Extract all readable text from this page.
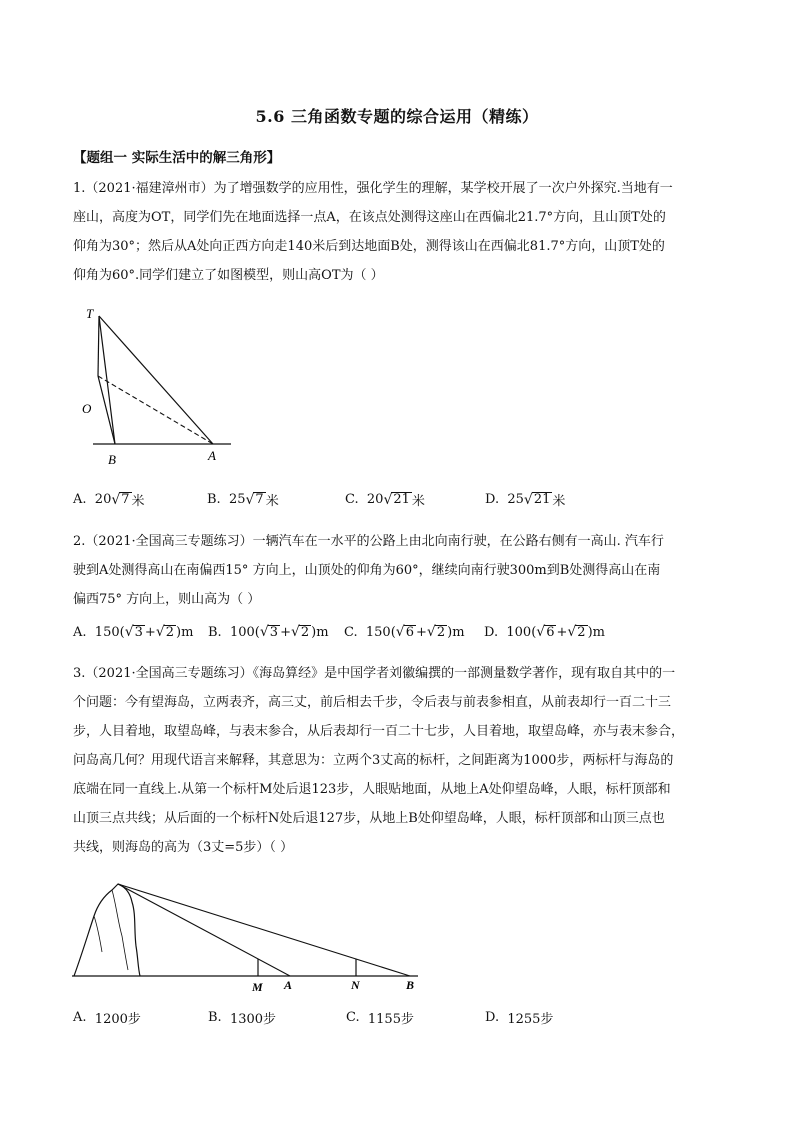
5.6 三角函数专题的综合运用（精练）
【题组一 实际生活中的解三角形】
1.（2021·福建漳州市）为了增强数学的应用性，强化学生的理解，某学校开展了一次户外探究.当地有一
座山，高度为OT，同学们先在地面选择一点A，在该点处测得这座山在西偏北21.7°方向，且山顶T处的
仰角为30°；然后从A处向正西方向走140米后到达地面B处，测得该山在西偏北81.7°方向，山顶T处的
仰角为60°.同学们建立了如图模型，则山高OT为（ ）
T
O
B	A
A.
20 √ 7 米	B.
25 √ 7 米	C.
20 √ 21 米	D.
25 √ 21 米
2.（2021·全国高三专题练习）一辆汽车在一水平的公路上由北向南行驶，在公路右侧有一高山. 汽车行
驶到A处测得高山在南偏西15° 方向上，山顶处的仰角为60°，继续向南行驶300m到B处测得高山在南
偏西75° 方向上，则山高为（ ）
A.
150 ( √ 3 + √ 2 ) m B.
100 ( √ 3 + √ 2 ) m C.
150 ( √ 6 + √ 2 ) m D.
100 ( √ 6 + √ 2 ) m
3.（2021·全国高三专题练习）《海岛算经》是中国学者刘徽编撰的一部测量数学著作，现有取自其中的一
个问题：今有望海岛，立两表齐，高三丈，前后相去千步，令后表与前表参相直，从前表却行一百二十三
步，人目着地，取望岛峰，与表末参合，从后表却行一百二十七步，人目着地，取望岛峰，亦与表末参合，
问岛高几何？用现代语言来解释，其意思为：立两个3丈高的标杆，之间距离为1000步，两标杆与海岛的
底端在同一直线上.从第一个标杆M处后退123步，人眼贴地面，从地上A处仰望岛峰，人眼，标杆顶部和
山顶三点共线；从后面的一个标杆N处后退127步，从地上B处仰望岛峰，人眼，标杆顶部和山顶三点也
共线，则海岛的高为（3丈=5步）（ ）
M A	N	B
A.
1200步	B.
1300步	C.
1155步	D.
1255步
